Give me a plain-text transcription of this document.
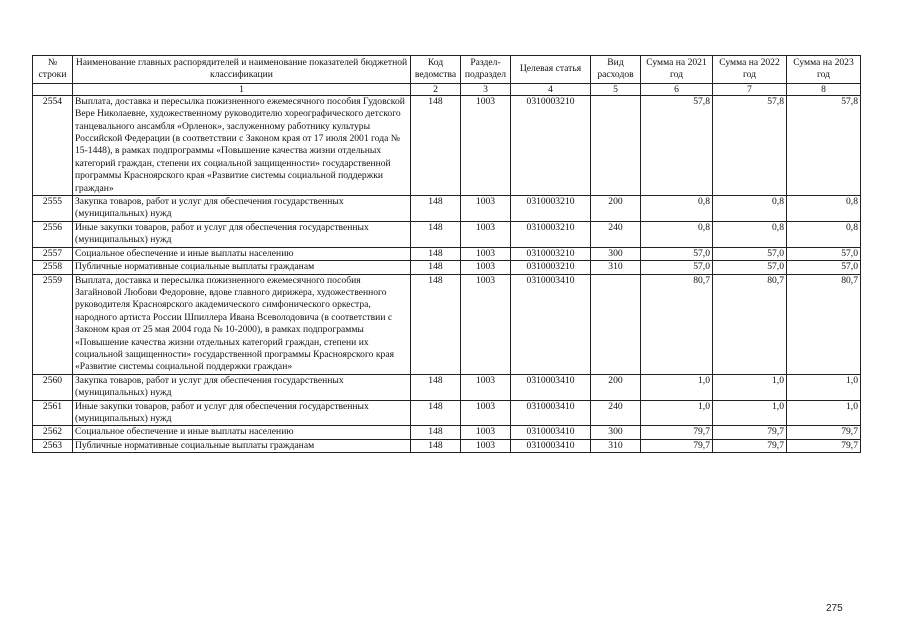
№ строки	Наименование главных распорядителей и наименование показателей бюджетной классификации	Код ведомства	Раздел-подраздел	Целевая статья	Вид расходов	Сумма на 2021 год	Сумма на 2022 год	Сумма на 2023 год
	1	2	3	4	5	6	7	8
2554	Выплата, доставка и пересылка пожизненного ежемесячного пособия Гудовской Вере Николаевне, художественному руководителю хореографического детского танцевального ансамбля «Орленок», заслуженному работнику культуры Российской Федерации (в соответствии с Законом края от 17 июля 2001 года № 15-1448), в рамках подпрограммы «Повышение качества жизни отдельных категорий граждан, степени их социальной защищенности» государственной программы Красноярского края «Развитие системы социальной поддержки граждан»	148	1003	0310003210		57,8	57,8	57,8
2555	Закупка товаров, работ и услуг для обеспечения государственных (муниципальных) нужд	148	1003	0310003210	200	0,8	0,8	0,8
2556	Иные закупки товаров, работ и услуг для обеспечения государственных (муниципальных) нужд	148	1003	0310003210	240	0,8	0,8	0,8
2557	Социальное обеспечение и иные выплаты населению	148	1003	0310003210	300	57,0	57,0	57,0
2558	Публичные нормативные социальные выплаты гражданам	148	1003	0310003210	310	57,0	57,0	57,0
2559	Выплата, доставка и пересылка пожизненного ежемесячного пособия Загайновой Любови Федоровне, вдове главного дирижера, художественного руководителя Красноярского академического симфонического оркестра, народного артиста России Шпиллера Ивана Всеволодовича (в соответствии с Законом края от 25 мая 2004 года № 10-2000), в рамках подпрограммы «Повышение качества жизни отдельных категорий граждан, степени их социальной защищенности» государственной программы Красноярского края «Развитие системы социальной поддержки граждан»	148	1003	0310003410		80,7	80,7	80,7
2560	Закупка товаров, работ и услуг для обеспечения государственных (муниципальных) нужд	148	1003	0310003410	200	1,0	1,0	1,0
2561	Иные закупки товаров, работ и услуг для обеспечения государственных (муниципальных) нужд	148	1003	0310003410	240	1,0	1,0	1,0
2562	Социальное обеспечение и иные выплаты населению	148	1003	0310003410	300	79,7	79,7	79,7
2563	Публичные нормативные социальные выплаты гражданам	148	1003	0310003410	310	79,7	79,7	79,7
275
